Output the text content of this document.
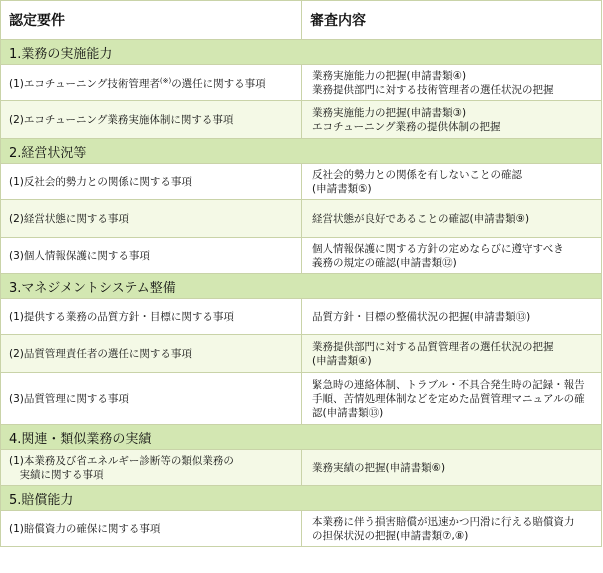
認定要件	審査内容
1.業務の実施能力	
(1)エコチューニング技術管理者(※)の選任に関する事項	業務実施能力の把握(申請書類④)
業務提供部門に対する技術管理者の選任状況の把握

(2)エコチューニング業務実施体制に関する事項	業務実施能力の把握(申請書類③)
エコチューニング業務の提供体制の把握

2.経営状況等	

(1)反社会的勢力との関係に関する事項	反社会的勢力との関係を有しないことの確認
(申請書類⑤)

(2)経営状態に関する事項	経営状態が良好であることの確認(申請書類⑨)

(3)個人情報保護に関する事項	個人情報保護に関する方針の定めならびに遵守すべき
義務の規定の確認(申請書類⑫)

3.マネジメントシステム整備	

(1)提供する業務の品質方針・目標に関する事項	品質方針・目標の整備状況の把握(申請書類⑬)

(2)品質管理責任者の選任に関する事項	業務提供部門に対する品質管理者の選任状況の把握
(申請書類④)

(3)品質管理に関する事項	緊急時の連絡体制、トラブル・不具合発生時の記録・報告
手順、苦情処理体制などを定めた品質管理マニュアルの確
認(申請書類⑬)

4.関連・類似業務の実績	

(1)本業務及び省エネルギー診断等の類似業務の
　実績に関する事項	業務実績の把握(申請書類⑥)

5.賠償能力	

(1)賠償資力の確保に関する事項	本業務に伴う損害賠償が迅速かつ円滑に行える賠償資力
の担保状況の把握(申請書類⑦,⑧)
